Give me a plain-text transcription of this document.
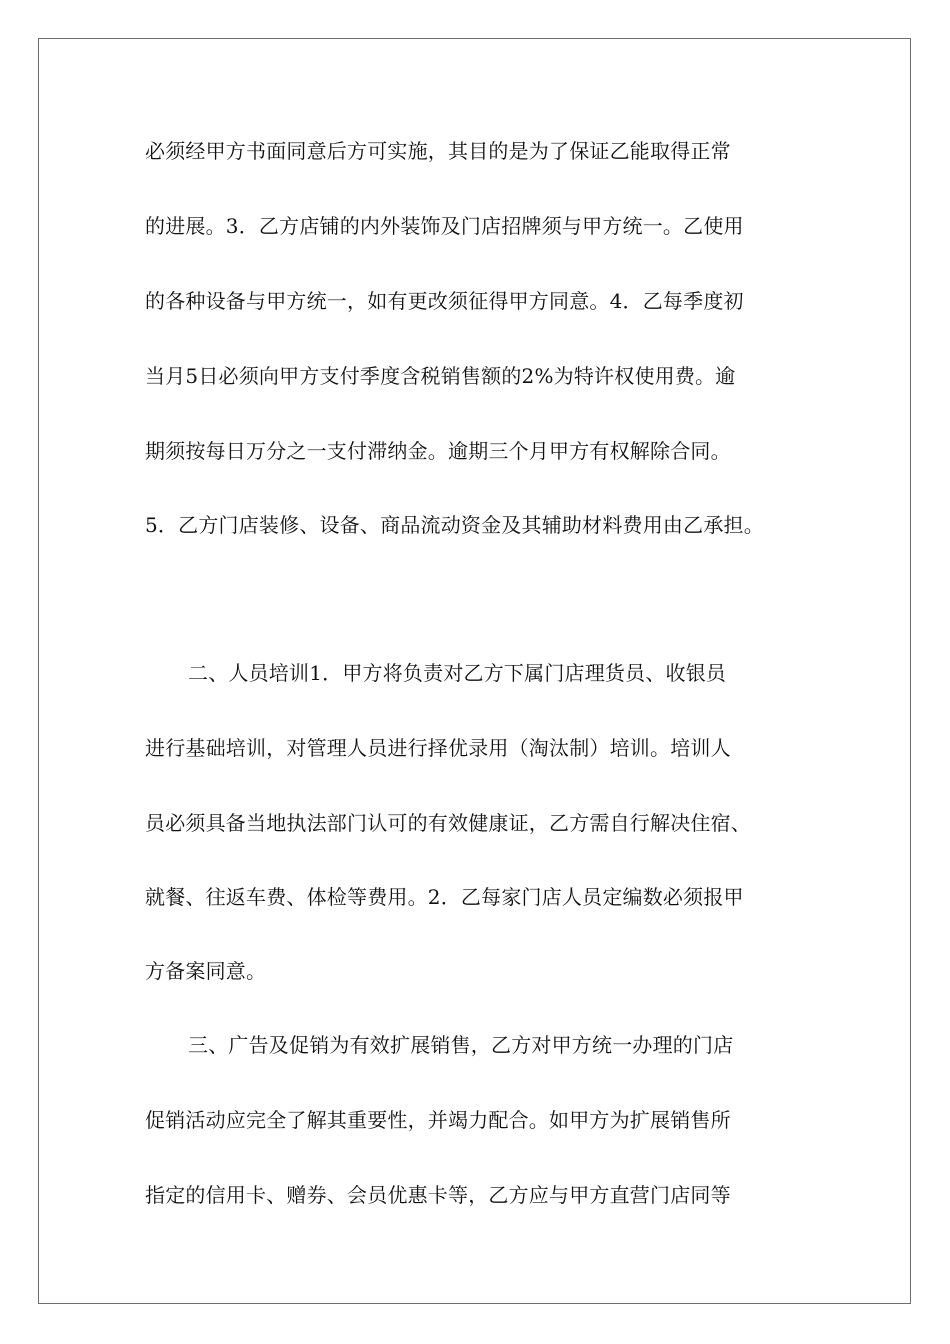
必须经甲方书面同意后方可实施，其目的是为了保证乙能取得正常
的进展。3．乙方店铺的内外装饰及门店招牌须与甲方统一。乙使用
的各种设备与甲方统一，如有更改须征得甲方同意。4．乙每季度初
当月5日必须向甲方支付季度含税销售额的2%为特许权使用费。逾
期须按每日万分之一支付滞纳金。逾期三个月甲方有权解除合同。
5．乙方门店装修、设备、商品流动资金及其辅助材料费用由乙承担。
二、人员培训1．甲方将负责对乙方下属门店理货员、收银员
进行基础培训，对管理人员进行择优录用（淘汰制）培训。培训人
员必须具备当地执法部门认可的有效健康证，乙方需自行解决住宿、
就餐、往返车费、体检等费用。2．乙每家门店人员定编数必须报甲
方备案同意。
三、广告及促销为有效扩展销售，乙方对甲方统一办理的门店
促销活动应完全了解其重要性，并竭力配合。如甲方为扩展销售所
指定的信用卡、赠券、会员优惠卡等，乙方应与甲方直营门店同等
